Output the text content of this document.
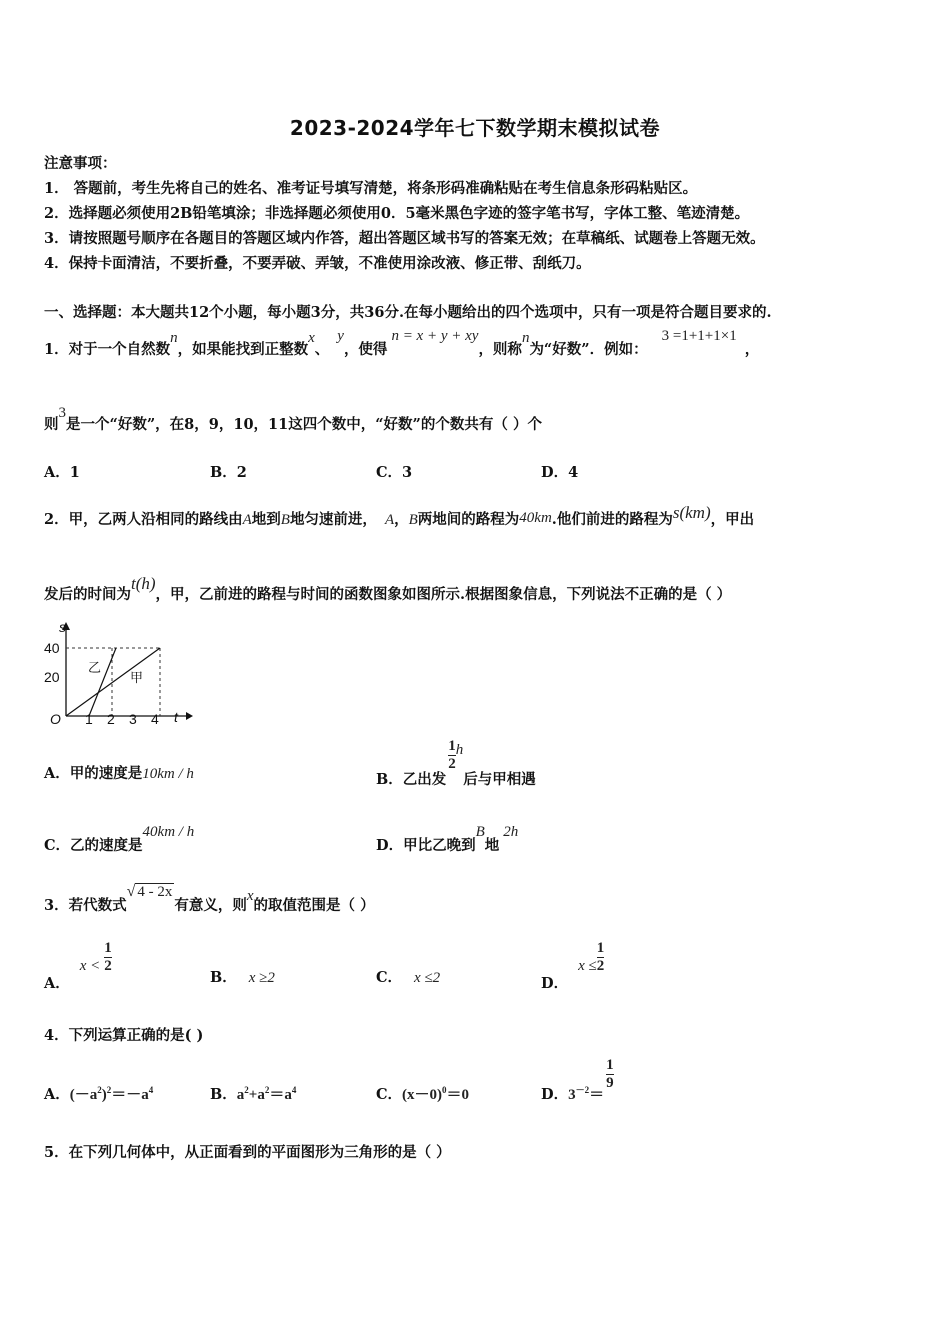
2023-2024学年七下数学期末模拟试卷
注意事项：
1． 答题前，考生先将自己的姓名、准考证号填写清楚，将条形码准确粘贴在考生信息条形码粘贴区。
2．选择题必须使用2B铅笔填涂；非选择题必须使用0．5毫米黑色字迹的签字笔书写，字体工整、笔迹清楚。
3．请按照题号顺序在各题目的答题区域内作答，超出答题区域书写的答案无效；在草稿纸、试题卷上答题无效。
4．保持卡面清洁，不要折叠，不要弄破、弄皱，不准使用涂改液、修正带、刮纸刀。
一、选择题：本大题共12个小题，每小题3分，共36分.在每小题给出的四个选项中，只有一项是符合题目要求的.
1．对于一个自然数n，如果能找到正整数x、y，使得n = x + y + xy，则称n为“好数”．例如：3 =1+1+1×1，
则3是一个“好数”，在8，9，10，11这四个数中，“好数”的个数共有（ ）个
A．1	B．2	C．3	D．4
2．甲，乙两人沿相同的路线由A地到B地匀速前进， A，B两地间的路程为40km.他们前进的路程为s(km)，甲出
发后的时间为t(h)，甲，乙前进的路程与时间的函数图象如图所示.根据图象信息，下列说法不正确的是（ ）
s
t
O
40
20
1 2 3 4
乙
甲
A．甲的速度是10km / h	B．乙出发
$\frac{1}{2}$ h后与甲相遇
C．乙的速度是40km / h
D．甲比乙晚到B地2h
3．若代数式√ 4 - 2x有意义，则x的取值范围是（ ）
A．$x < \frac{1}{2}$
B． x ≥2	C． x ≤2	D．$x \le \frac{1}{2}$
4．下列运算正确的是( )
A．$(-a^2)^2=-a^4$	B．$a^2+a^2=a^4$	C．$(x-0)^0=0$	D．$3^{-2}=$
$\frac{1}{9}$
5．在下列几何体中，从正面看到的平面图形为三角形的是（ ）
